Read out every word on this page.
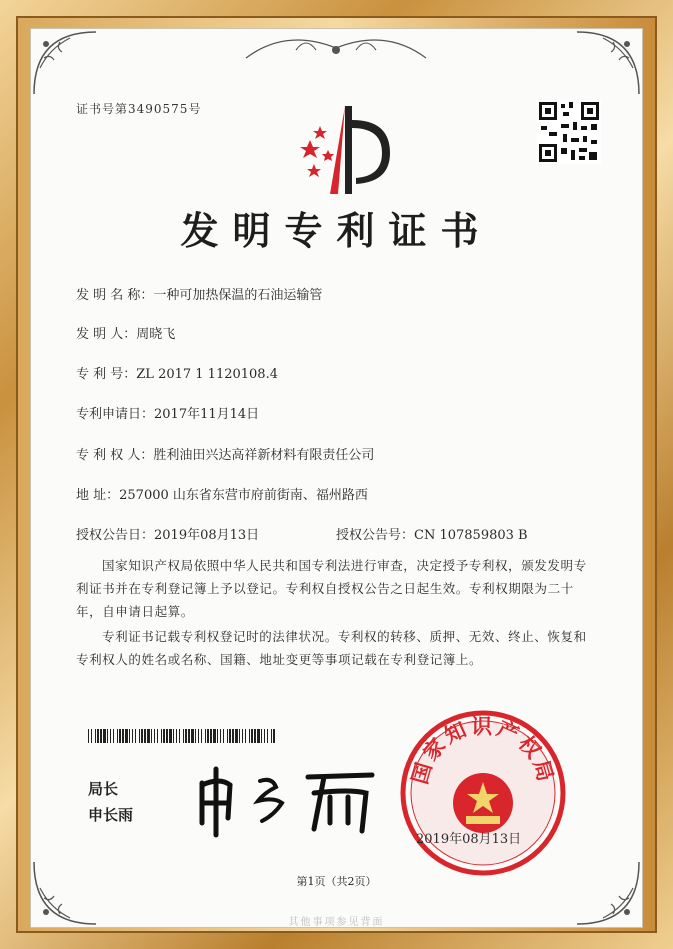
证书号第3490575号
发明专利证书
发 明 名 称：一种可加热保温的石油运输管
发 明 人：周晓飞
专 利 号：ZL 2017 1 1120108.4
专利申请日：2017年11月14日
专 利 权 人：胜利油田兴达高祥新材料有限责任公司
地 址：257000 山东省东营市府前街南、福州路西
授权公告日：2019年08月13日	授权公告号：CN 107859803 B
国家知识产权局依照中华人民共和国专利法进行审查，决定授予专利权，颁发发明专利证书并在专利登记簿上予以登记。专利权自授权公告之日起生效。专利权期限为二十年，自申请日起算。
专利证书记载专利权登记时的法律状况。专利权的转移、质押、无效、终止、恢复和专利权人的姓名或名称、国籍、地址变更等事项记载在专利登记簿上。
局长
申长雨
国家知识产权局
2019年08月13日
第1页（共2页）
其他事项参见背面
